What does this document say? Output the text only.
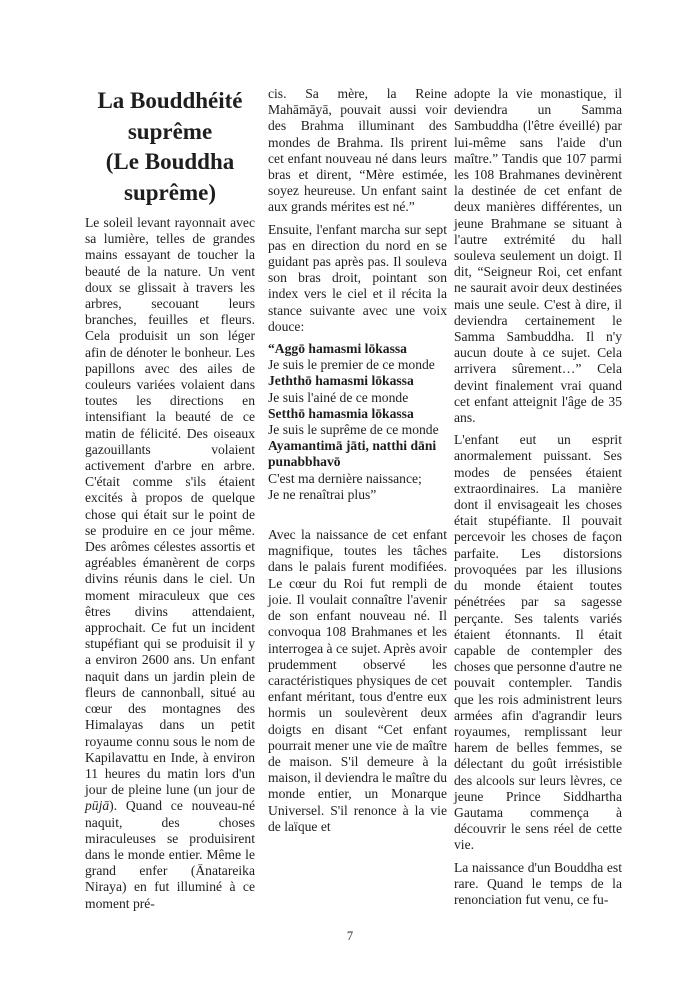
La Bouddhéité suprême
(Le Bouddha suprême)

Le soleil levant rayonnait avec sa lumière, telles de grandes mains essayant de toucher la beauté de la nature. Un vent doux se glissait à travers les arbres, secouant leurs branches, feuilles et fleurs. Cela produisit un son léger afin de dénoter le bonheur. Les papillons avec des ailes de couleurs variées volaient dans toutes les directions en intensifiant la beauté de ce matin de félicité. Des oiseaux gazouillants volaient activement d'arbre en arbre. C'était comme s'ils étaient excités à propos de quelque chose qui était sur le point de se produire en ce jour même. Des arômes célestes assortis et agréables émanèrent de corps divins réunis dans le ciel. Un moment miraculeux que ces êtres divins attendaient, approchait. Ce fut un incident stupéfiant qui se produisit il y a environ 2600 ans. Un enfant naquit dans un jardin plein de fleurs de cannonball, situé au cœur des montagnes des Himalayas dans un petit royaume connu sous le nom de Kapilavattu en Inde, à environ 11 heures du matin lors d'un jour de pleine lune (un jour de pūjā). Quand ce nouveau-né naquit, des choses miraculeuses se produisirent dans le monde entier. Même le grand enfer (Ānatareika Niraya) en fut illuminé à ce moment pré-

cis. Sa mère, la Reine Mahāmāyā, pouvait aussi voir des Brahma illuminant des mondes de Brahma. Ils prirent cet enfant nouveau né dans leurs bras et dirent, “Mère estimée, soyez heureuse. Un enfant saint aux grands mérites est né.”

Ensuite, l'enfant marcha sur sept pas en direction du nord en se guidant pas après pas. Il souleva son bras droit, pointant son index vers le ciel et il récita la stance suivante avec une voix douce:

“Aggō hamasmi lōkassa
Je suis le premier de ce monde
Jeththō hamasmi lōkassa
Je suis l'ainé de ce monde
Setthō hamasmia lōkassa
Je suis le suprême de ce monde
Ayamantimā jāti, natthi dāni punabbhavō
C'est ma dernière naissance;
Je ne renaîtrai plus”

Avec la naissance de cet enfant magnifique, toutes les tâches dans le palais furent modifiées. Le cœur du Roi fut rempli de joie. Il voulait connaître l'avenir de son enfant nouveau né. Il convoqua 108 Brahmanes et les interrogea à ce sujet. Après avoir prudemment observé les caractéristiques physiques de cet enfant méritant, tous d'entre eux hormis un soulevèrent deux doigts en disant “Cet enfant pourrait mener une vie de maître de maison. S'il demeure à la maison, il deviendra le maître du monde entier, un Monarque Universel. S'il renonce à la vie de laïque et

adopte la vie monastique, il deviendra un Samma Sambuddha (l'être éveillé) par lui-même sans l'aide d'un maître.” Tandis que 107 parmi les 108 Brahmanes devinèrent la destinée de cet enfant de deux manières différentes, un jeune Brahmane se situant à l'autre extrémité du hall souleva seulement un doigt. Il dit, “Seigneur Roi, cet enfant ne saurait avoir deux destinées mais une seule. C'est à dire, il deviendra certainement le Samma Sambuddha. Il n'y aucun doute à ce sujet. Cela arrivera sûrement…” Cela devint finalement vrai quand cet enfant atteignit l'âge de 35 ans.

L'enfant eut un esprit anormalement puissant. Ses modes de pensées étaient extraordinaires. La manière dont il envisageait les choses était stupéfiante. Il pouvait percevoir les choses de façon parfaite. Les distorsions provoquées par les illusions du monde étaient toutes pénétrées par sa sagesse perçante. Ses talents variés étaient étonnants. Il était capable de contempler des choses que personne d'autre ne pouvait contempler. Tandis que les rois administrent leurs armées afin d'agrandir leurs royaumes, remplissant leur harem de belles femmes, se délectant du goût irrésistible des alcools sur leurs lèvres, ce jeune Prince Siddhartha Gautama commença à découvrir le sens réel de cette vie.

La naissance d'un Bouddha est rare. Quand le temps de la renonciation fut venu, ce fu-

7
